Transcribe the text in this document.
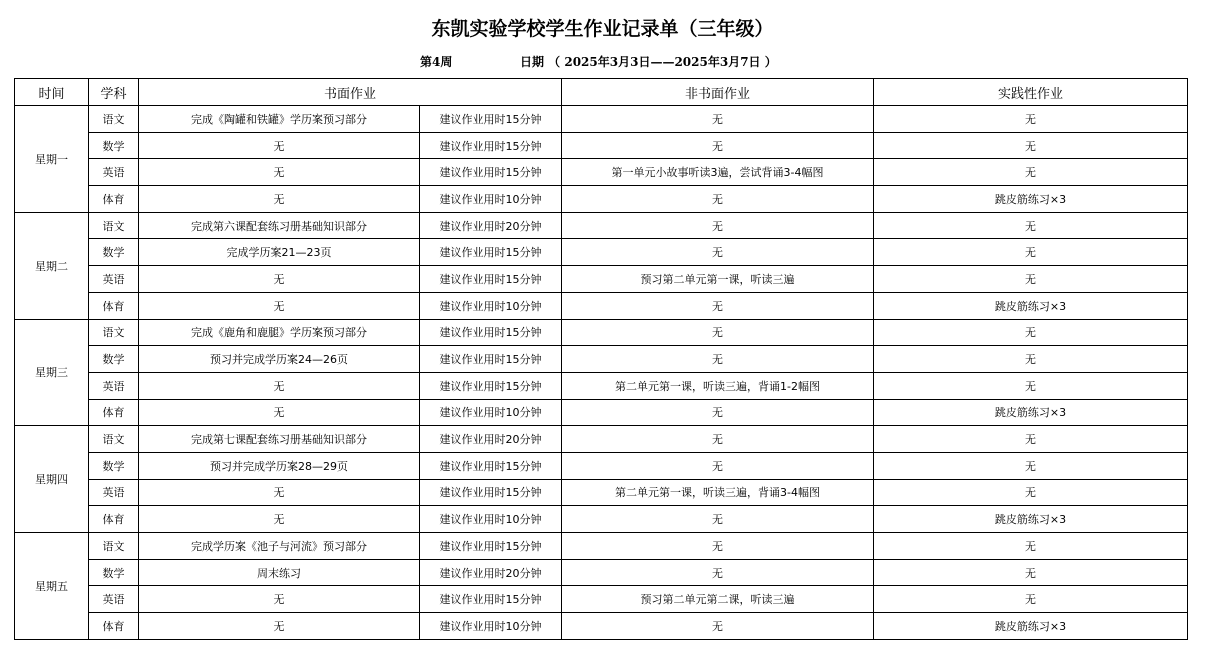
东凯实验学校学生作业记录单（三年级）
第4周	日期 （ 2025年3月3日——2025年3月7日 ）
时间	学科	书面作业		非书面作业	实践性作业
星期一	语文	完成《陶罐和铁罐》学历案预习部分	建议作业用时15分钟	无	无
	数学	无	建议作业用时15分钟	无	无
	英语	无	建议作业用时15分钟	第一单元小故事听读3遍，尝试背诵3-4幅图	无
	体育	无	建议作业用时10分钟	无	跳皮筋练习×3
星期二	语文	完成第六课配套练习册基础知识部分	建议作业用时20分钟	无	无
	数学	完成学历案21—23页	建议作业用时15分钟	无	无
	英语	无	建议作业用时15分钟	预习第二单元第一课，听读三遍	无
	体育	无	建议作业用时10分钟	无	跳皮筋练习×3
星期三	语文	完成《鹿角和鹿腿》学历案预习部分	建议作业用时15分钟	无	无
	数学	预习并完成学历案24—26页	建议作业用时15分钟	无	无
	英语	无	建议作业用时15分钟	第二单元第一课，听读三遍，背诵1-2幅图	无
	体育	无	建议作业用时10分钟	无	跳皮筋练习×3
星期四	语文	完成第七课配套练习册基础知识部分	建议作业用时20分钟	无	无
	数学	预习并完成学历案28—29页	建议作业用时15分钟	无	无
	英语	无	建议作业用时15分钟	第二单元第一课，听读三遍，背诵3-4幅图	无
	体育	无	建议作业用时10分钟	无	跳皮筋练习×3
星期五	语文	完成学历案《池子与河流》预习部分	建议作业用时15分钟	无	无
	数学	周末练习	建议作业用时20分钟	无	无
	英语	无	建议作业用时15分钟	预习第二单元第二课，听读三遍	无
	体育	无	建议作业用时10分钟	无	跳皮筋练习×3
